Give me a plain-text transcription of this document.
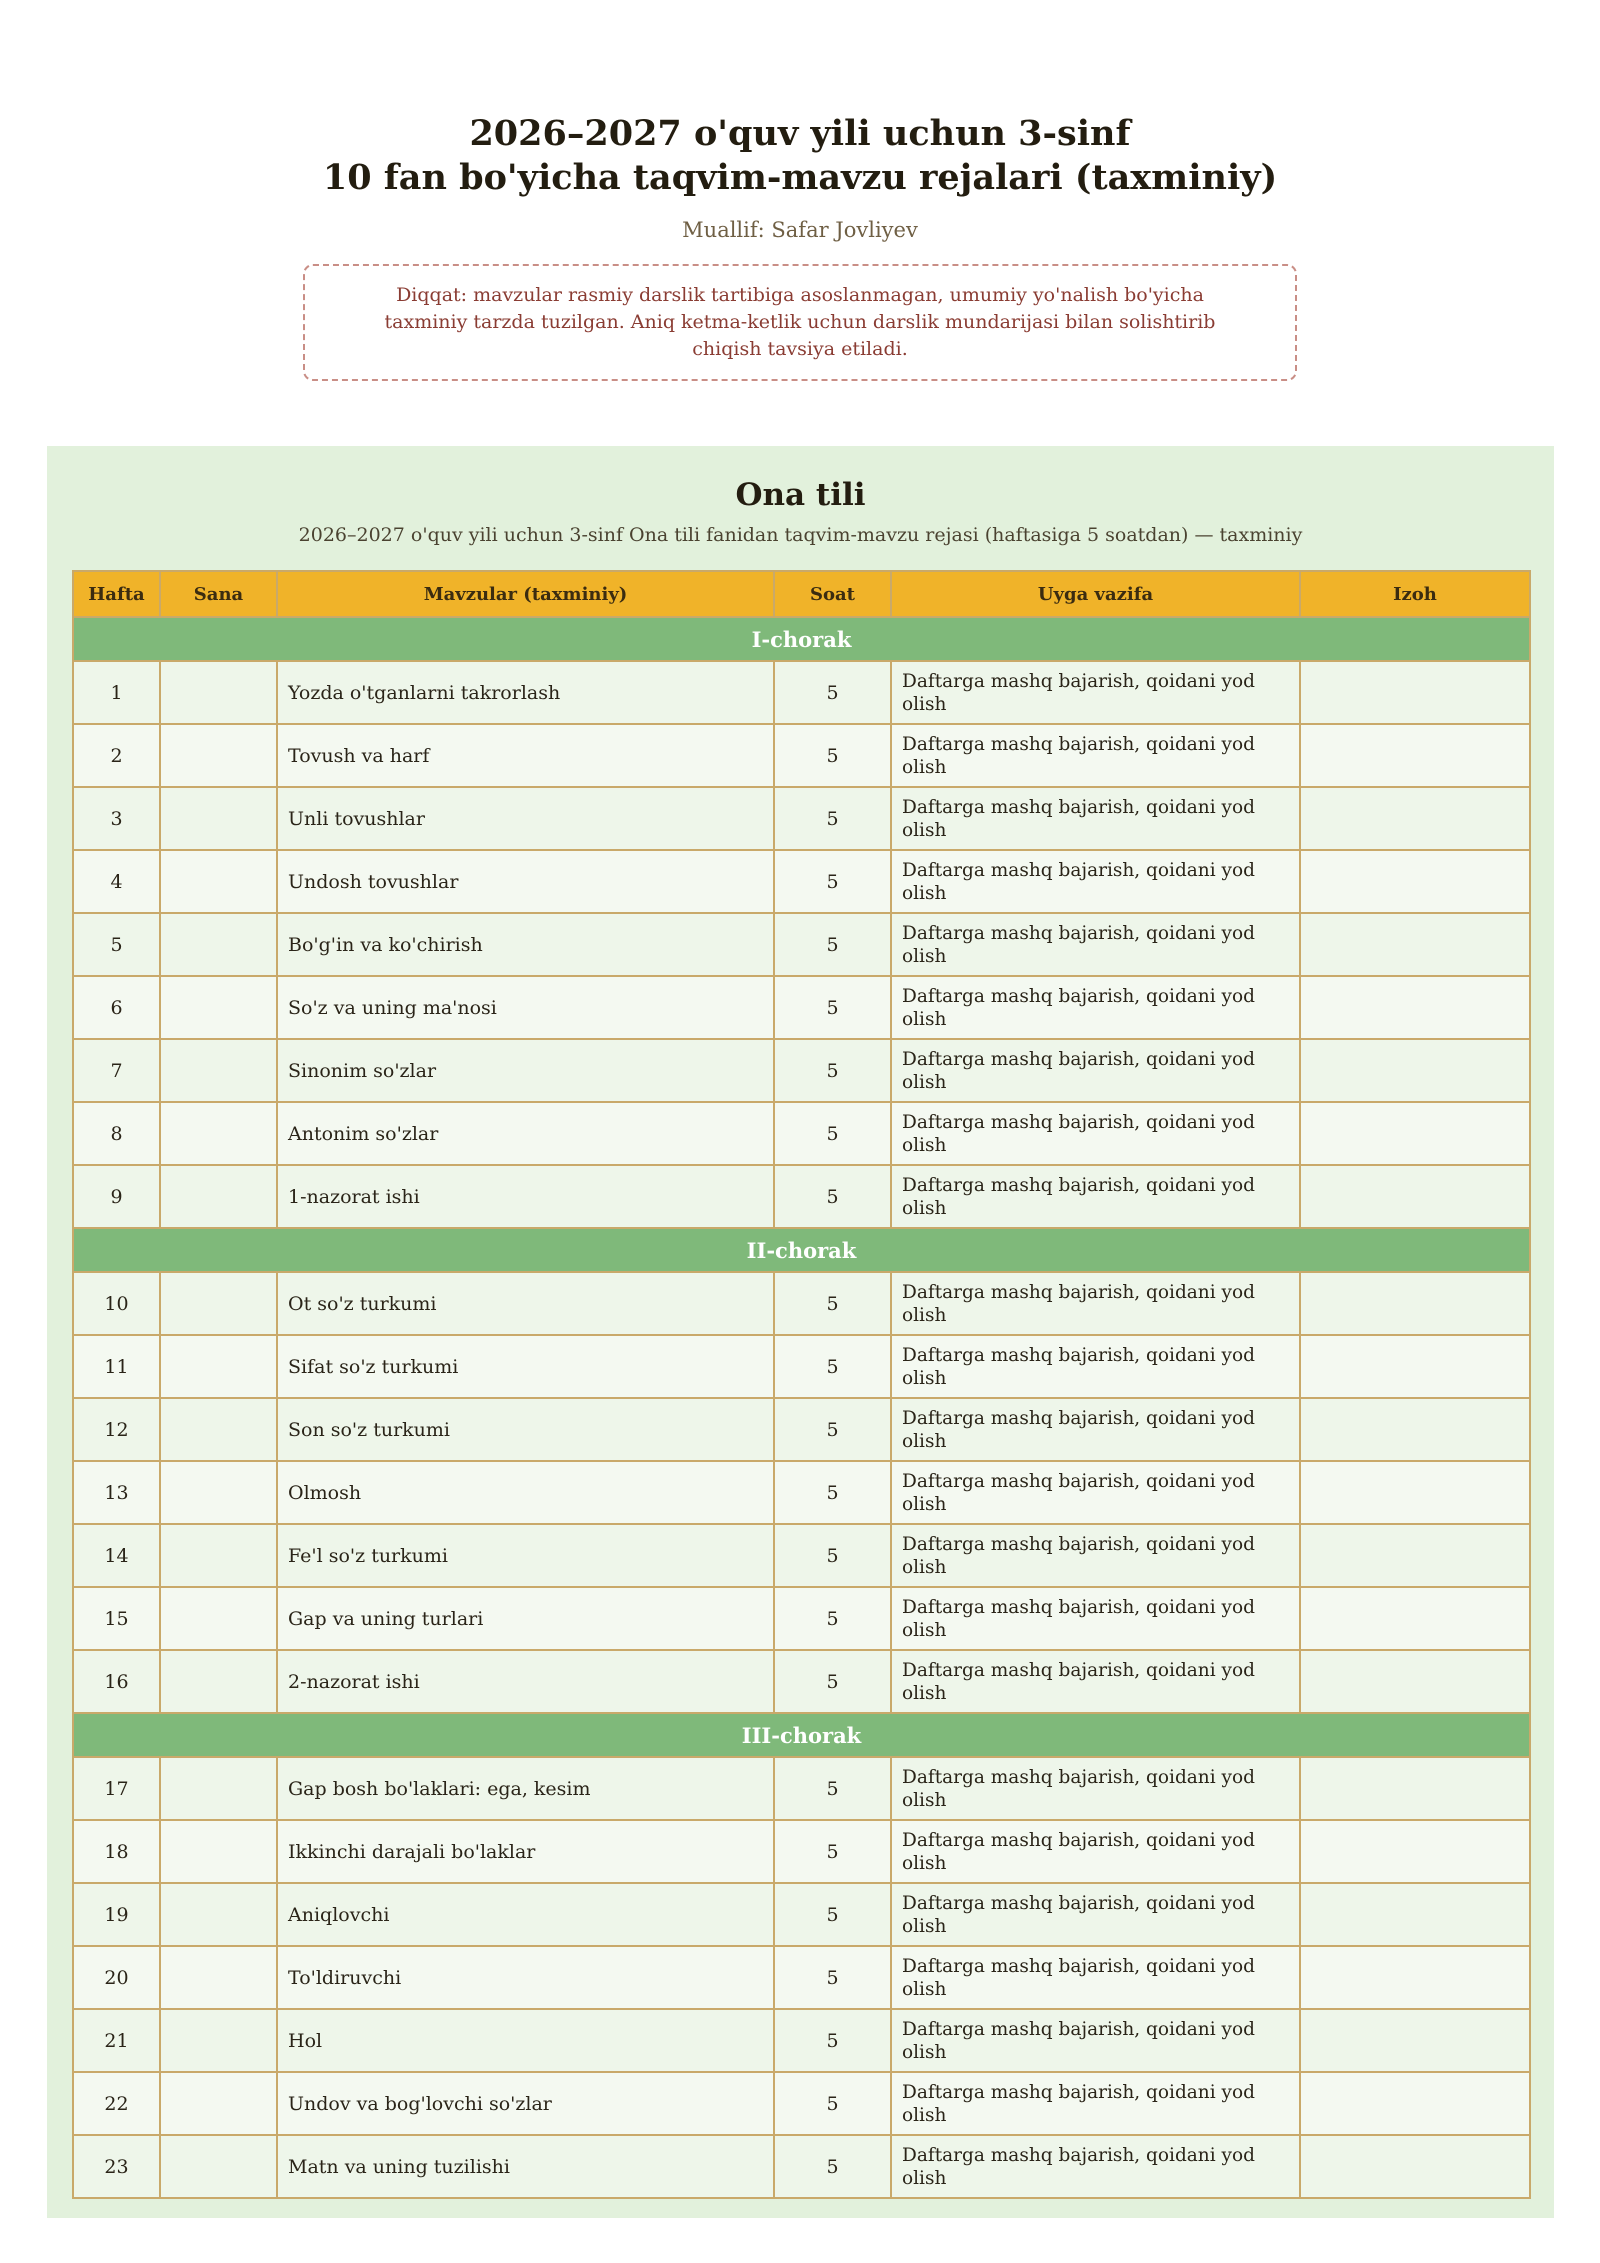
2026–2027 o'quv yili uchun 3-sinf
10 fan bo'yicha taqvim-mavzu rejalari (taxminiy)
Muallif: Safar Jovliyev
Diqqat: mavzular rasmiy darslik tartibiga asoslanmagan, umumiy yo'nalish bo'yicha taxminiy tarzda tuzilgan. Aniq ketma-ketlik uchun darslik mundarijasi bilan solishtirib chiqish tavsiya etiladi.
Ona tili
2026–2027 o'quv yili uchun 3-sinf Ona tili fanidan taqvim-mavzu rejasi (haftasiga 5 soatdan) — taxminiy
Hafta	Sana	Mavzular (taxminiy)	Soat	Uyga vazifa	Izoh
I-chorak					
1		Yozda o'tganlarni takrorlash	5	Daftarga mashq bajarish, qoidani yod olish	
2		Tovush va harf	5	Daftarga mashq bajarish, qoidani yod olish	
3		Unli tovushlar	5	Daftarga mashq bajarish, qoidani yod olish	
4		Undosh tovushlar	5	Daftarga mashq bajarish, qoidani yod olish	
5		Bo'g'in va ko'chirish	5	Daftarga mashq bajarish, qoidani yod olish	
6		So'z va uning ma'nosi	5	Daftarga mashq bajarish, qoidani yod olish	
7		Sinonim so'zlar	5	Daftarga mashq bajarish, qoidani yod olish	
8		Antonim so'zlar	5	Daftarga mashq bajarish, qoidani yod olish	
9		1-nazorat ishi	5	Daftarga mashq bajarish, qoidani yod olish	
II-chorak					
10		Ot so'z turkumi	5	Daftarga mashq bajarish, qoidani yod olish	
11		Sifat so'z turkumi	5	Daftarga mashq bajarish, qoidani yod olish	
12		Son so'z turkumi	5	Daftarga mashq bajarish, qoidani yod olish	
13		Olmosh	5	Daftarga mashq bajarish, qoidani yod olish	
14		Fe'l so'z turkumi	5	Daftarga mashq bajarish, qoidani yod olish	
15		Gap va uning turlari	5	Daftarga mashq bajarish, qoidani yod olish	
16		2-nazorat ishi	5	Daftarga mashq bajarish, qoidani yod olish	
III-chorak					
17		Gap bosh bo'laklari: ega, kesim	5	Daftarga mashq bajarish, qoidani yod olish	
18		Ikkinchi darajali bo'laklar	5	Daftarga mashq bajarish, qoidani yod olish	
19		Aniqlovchi	5	Daftarga mashq bajarish, qoidani yod olish	
20		To'ldiruvchi	5	Daftarga mashq bajarish, qoidani yod olish	
21		Hol	5	Daftarga mashq bajarish, qoidani yod olish	
22		Undov va bog'lovchi so'zlar	5	Daftarga mashq bajarish, qoidani yod olish	
23		Matn va uning tuzilishi	5	Daftarga mashq bajarish, qoidani yod olish	
